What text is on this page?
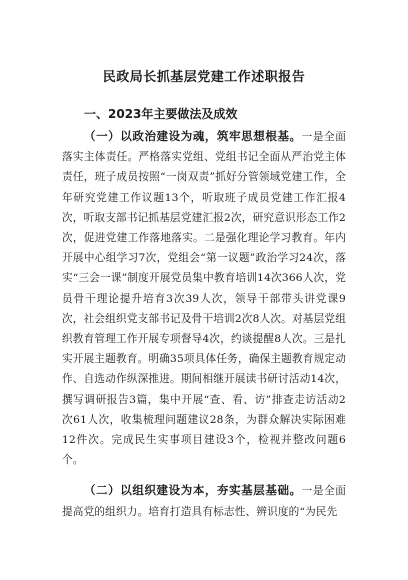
民政局长抓基层党建工作述职报告
一、2023年主要做法及成效

（一）以政治建设为魂，筑牢思想根基。一是全面落实主体责任。严格落实党组、党组书记全面从严治党主体责任，班子成员按照“一岗双责”抓好分管领域党建工作，全年研究党建工作议题13个，听取班子成员党建工作汇报4次，听取支部书记抓基层党建汇报2次，研究意识形态工作2次，促进党建工作落地落实。二是强化理论学习教育。年内开展中心组学习7次，党组会“第一议题”政治学习24次，落实“三会一课”制度开展党员集中教育培训14次366人次，党员骨干理论提升培育3次39人次，领导干部带头讲党课9次，社会组织党支部书记及骨干培训2次8人次。对基层党组织教育管理工作开展专项督导4次，约谈提醒8人次。三是扎实开展主题教育。明确35项具体任务，确保主题教育规定动作、自选动作纵深推进。期间相继开展读书研讨活动14次，撰写调研报告3篇，集中开展“查、看、访”排查走访活动2次61人次，收集梳理问题建议28条，为群众解决实际困难12件次。完成民生实事项目建设3个，检视并整改问题6个。

（二）以组织建设为本，夯实基层基础。一是全面提高党的组织力。培育打造具有标志性、辨识度的“为民先
